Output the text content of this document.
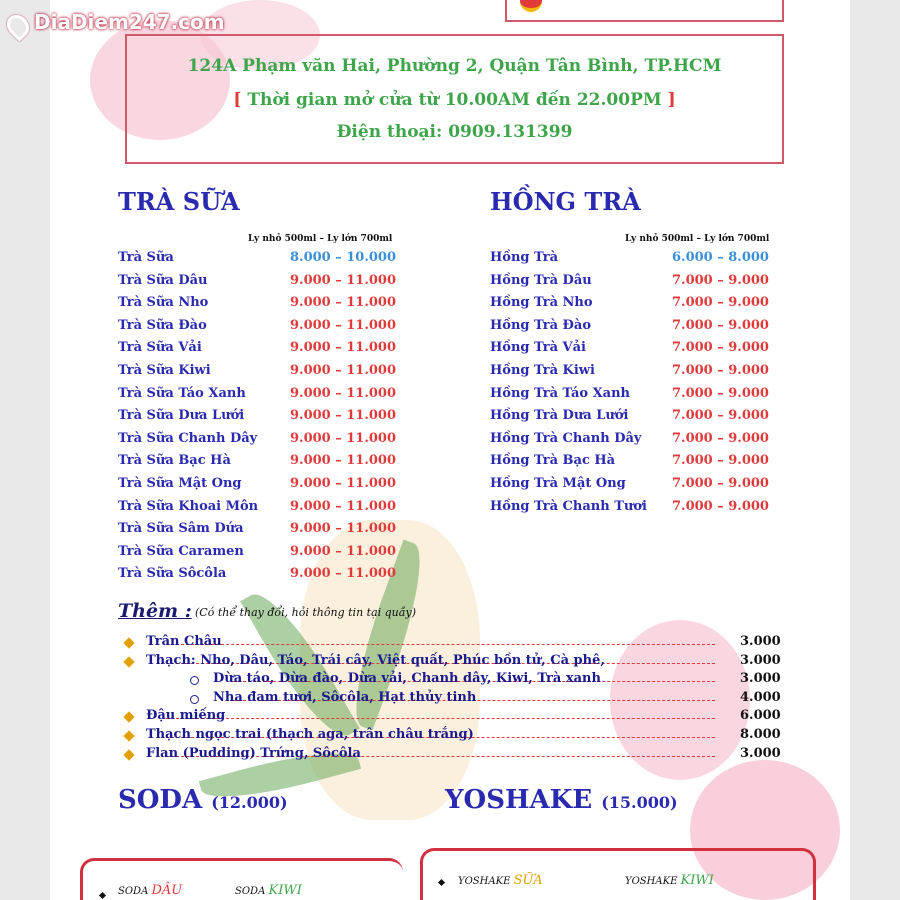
124A Phạm văn Hai, Phường 2, Quận Tân Bình, TP.HCM
[ Thời gian mở cửa từ 10.00AM đến 22.00PM ]
Điện thoại: 0909.131399
TRÀ SỮA
Ly nhỏ 500ml – Ly lớn 700ml
Trà Sữa	8.000 – 10.000
Trà Sữa Dâu	9.000 – 11.000
Trà Sữa Nho	9.000 – 11.000
Trà Sữa Đào	9.000 – 11.000
Trà Sữa Vải	9.000 – 11.000
Trà Sữa Kiwi	9.000 – 11.000
Trà Sữa Táo Xanh	9.000 – 11.000
Trà Sữa Dưa Lưới	9.000 – 11.000
Trà Sữa Chanh Dây	9.000 – 11.000
Trà Sữa Bạc Hà	9.000 – 11.000
Trà Sữa Mật Ong	9.000 – 11.000
Trà Sữa Khoai Môn 9.000 – 11.000
Trà Sữa Sâm Dứa	9.000 – 11.000
Trà Sữa Caramen	9.000 – 11.000
Trà Sữa Sôcôla	9.000 – 11.000
HỒNG TRÀ
Ly nhỏ 500ml – Ly lớn 700ml
Hồng Trà	6.000 – 8.000
Hồng Trà Dâu	7.000 – 9.000
Hồng Trà Nho	7.000 – 9.000
Hồng Trà Đào	7.000 – 9.000
Hồng Trà Vải	7.000 – 9.000
Hồng Trà Kiwi	7.000 – 9.000
Hồng Trà Táo Xanh	7.000 – 9.000
Hồng Trà Dưa Lưới	7.000 – 9.000
Hồng Trà Chanh Dây 7.000 – 9.000
Hồng Trà Bạc Hà	7.000 – 9.000
Hồng Trà Mật Ong	7.000 – 9.000
Hồng Trà Chanh Tươi 7.000 – 9.000
Thêm : (Có thể thay đổi, hỏi thông tin tại quầy)
Trân Châu	3.000
Thạch: Nho, Dâu, Táo, Trái cây, Việt quất, Phúc bồn tử, Cà phê,	3.000
Dừa táo, Dừa đào, Dừa vải, Chanh dây, Kiwi, Trà xanh	3.000
Nha đam tươi, Sôcôla, Hạt thủy tinh	4.000
Đậu miếng	6.000
Thạch ngọc trai (thạch aga, trân châu trắng)	8.000
Flan (Pudding) Trứng, Sôcôla	3.000
SODA (12.000)	YOSHAKE (15.000)
SODA DÂU	SODA KIWI
YOSHAKE SỮA	YOSHAKE KIWI
DiaDiem247.com
